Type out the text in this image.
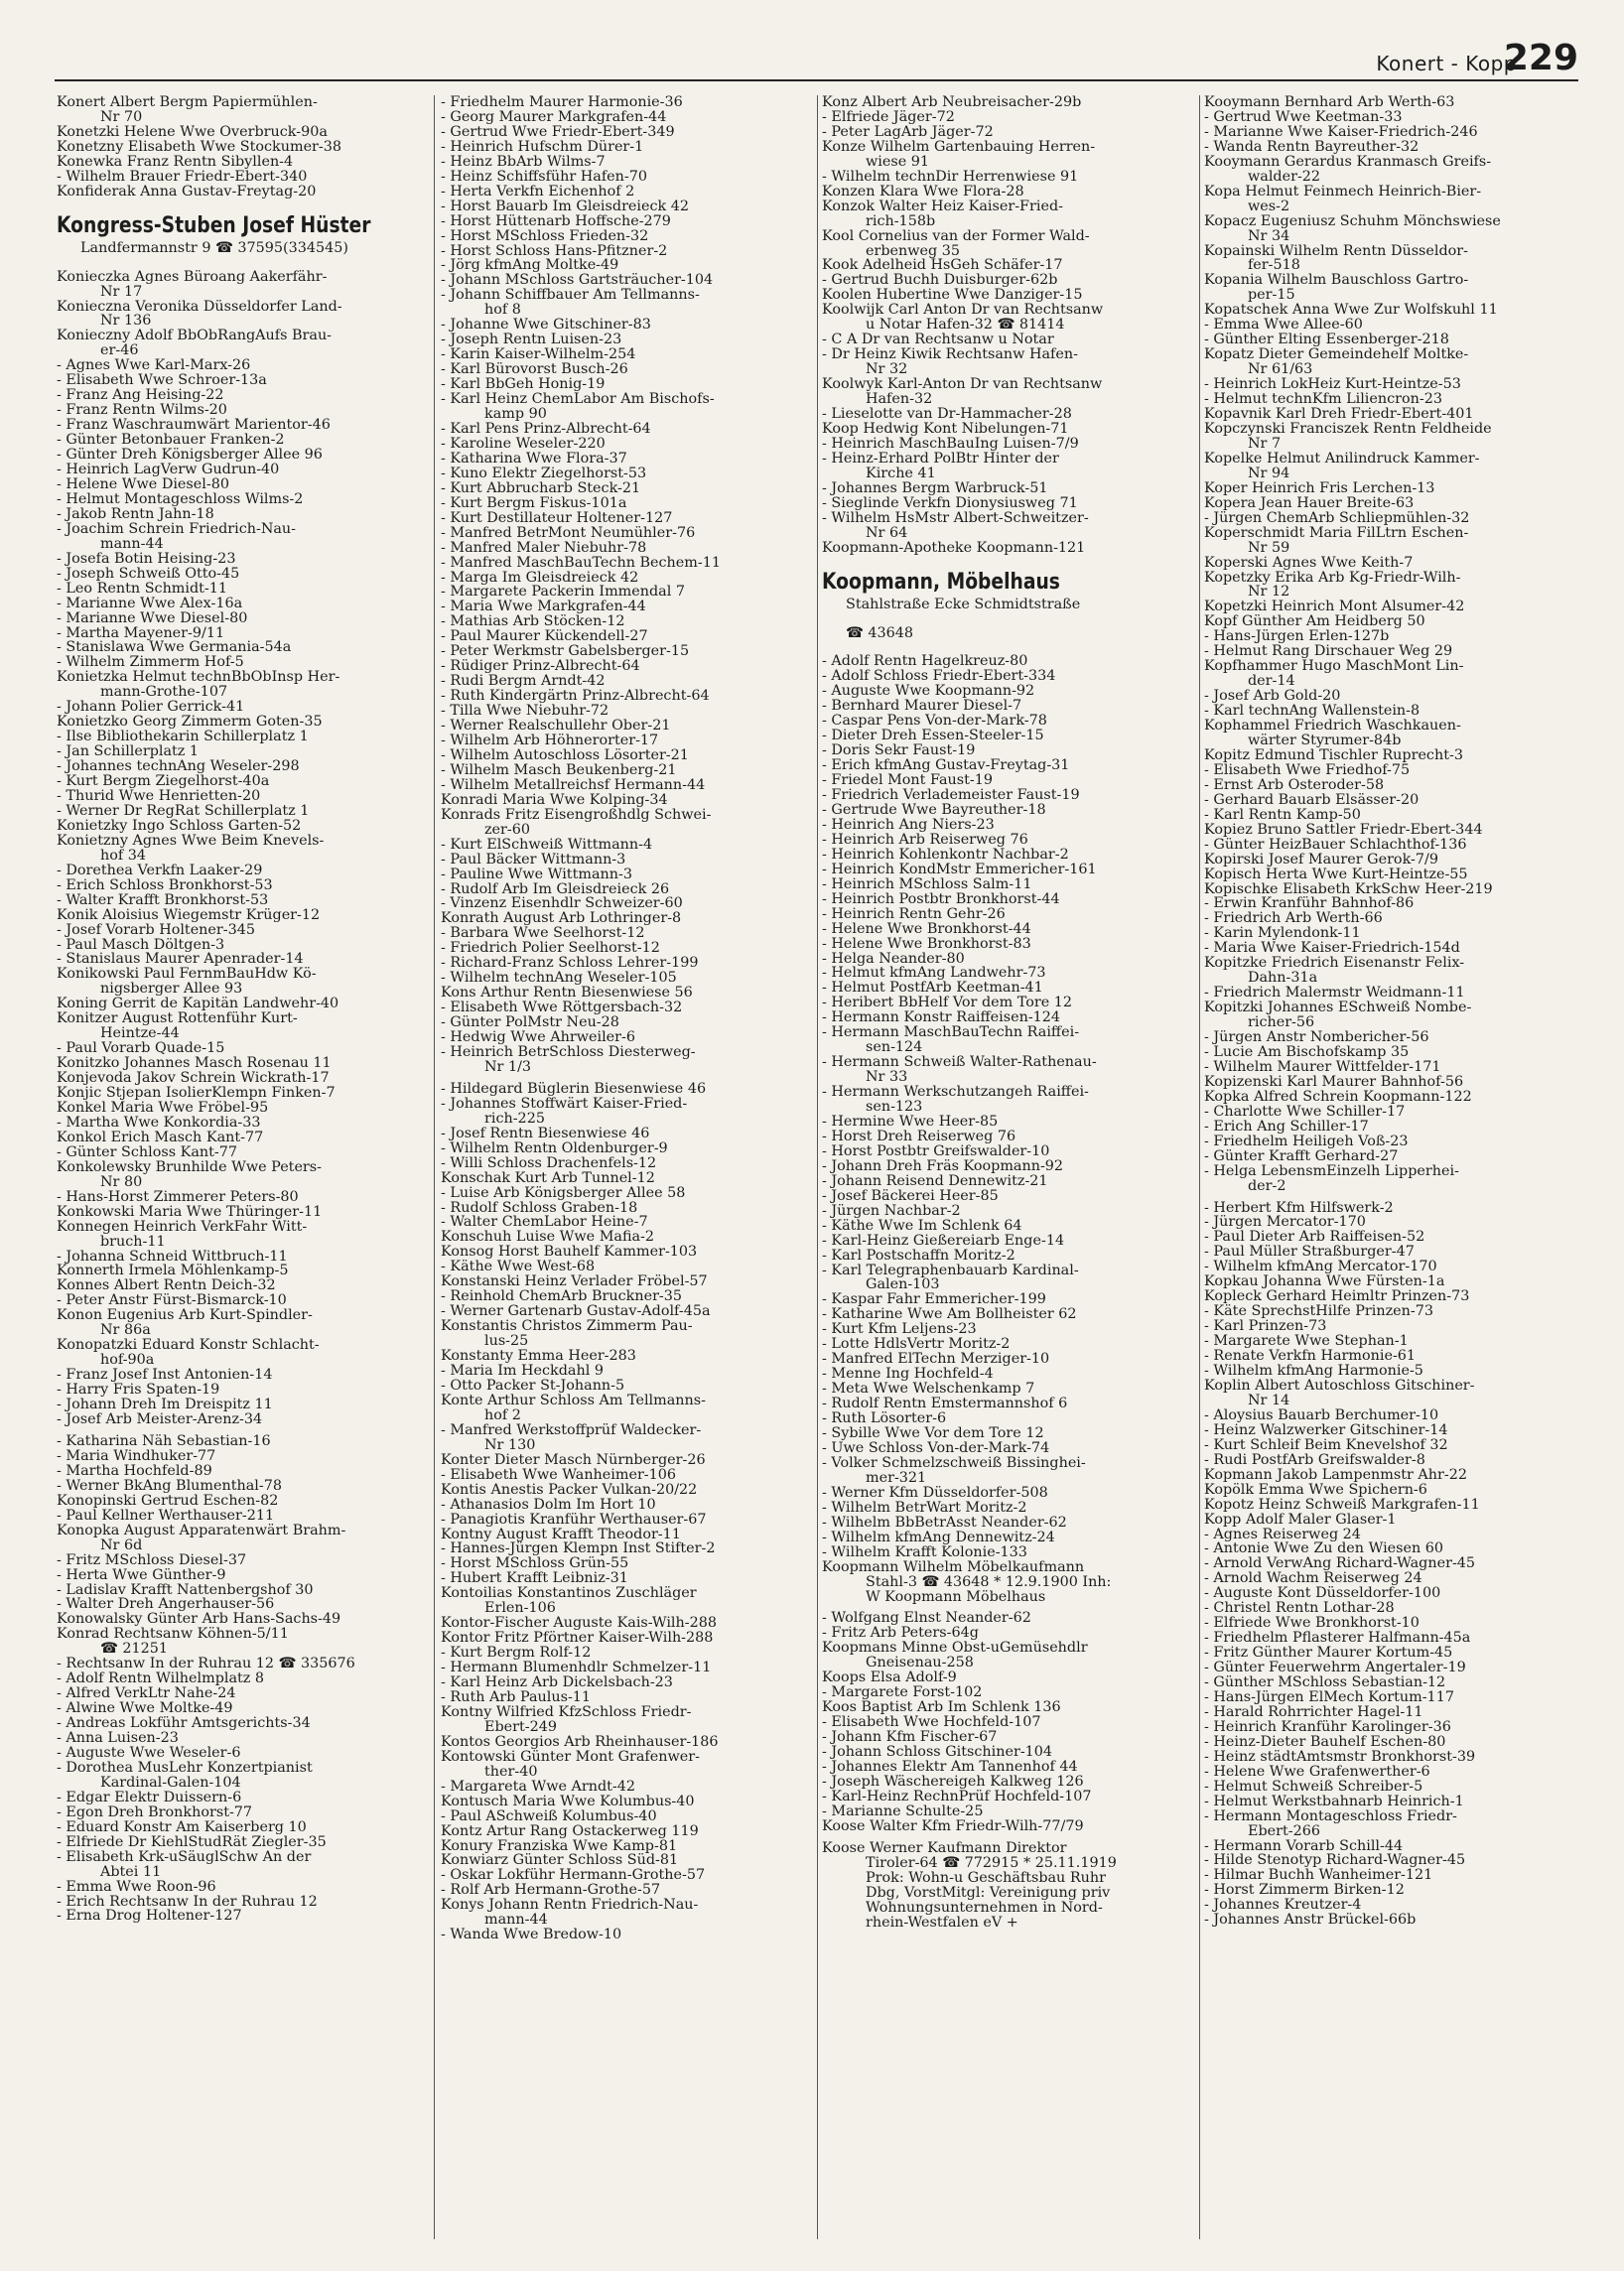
Konert - Kopp
229
Konert Albert Bergm Papiermühlen-
Nr 70
Konetzki Helene Wwe Overbruck-90a
Konetzny Elisabeth Wwe Stockumer-38
Konewka Franz Rentn Sibyllen-4
- Wilhelm Brauer Friedr-Ebert-340
Konfiderak Anna Gustav-Freytag-20
Kongress-Stuben Josef Hüster
Landfermannstr 9 ☎ 37595(334545)
Konieczka Agnes Büroang Aakerfähr-
Nr 17
Konieczna Veronika Düsseldorfer Land-
Nr 136
Konieczny Adolf BbObRangAufs Brau-
er-46
- Agnes Wwe Karl-Marx-26
- Elisabeth Wwe Schroer-13a
- Franz Ang Heising-22
- Franz Rentn Wilms-20
- Franz Waschraumwärt Marientor-46
- Günter Betonbauer Franken-2
- Günter Dreh Königsberger Allee 96
- Heinrich LagVerw Gudrun-40
- Helene Wwe Diesel-80
- Helmut Montageschloss Wilms-2
- Jakob Rentn Jahn-18
- Joachim Schrein Friedrich-Nau-
mann-44
- Josefa Botin Heising-23
- Joseph Schweiß Otto-45
- Leo Rentn Schmidt-11
- Marianne Wwe Alex-16a
- Marianne Wwe Diesel-80
- Martha Mayener-9/11
- Stanislawa Wwe Germania-54a
- Wilhelm Zimmerm Hof-5
Konietzka Helmut technBbObInsp Her-
mann-Grothe-107
- Johann Polier Gerrick-41
Konietzko Georg Zimmerm Goten-35
- Ilse Bibliothekarin Schillerplatz 1
- Jan Schillerplatz 1
- Johannes technAng Weseler-298
- Kurt Bergm Ziegelhorst-40a
- Thurid Wwe Henrietten-20
- Werner Dr RegRat Schillerplatz 1
Konietzky Ingo Schloss Garten-52
Konietzny Agnes Wwe Beim Knevels-
hof 34
- Dorethea Verkfn Laaker-29
- Erich Schloss Bronkhorst-53
- Walter Krafft Bronkhorst-53
Konik Aloisius Wiegemstr Krüger-12
- Josef Vorarb Holtener-345
- Paul Masch Döltgen-3
- Stanislaus Maurer Apenrader-14
Konikowski Paul FernmBauHdw Kö-
nigsberger Allee 93
Koning Gerrit de Kapitän Landwehr-40
Konitzer August Rottenführ Kurt-
Heintze-44
- Paul Vorarb Quade-15
Konitzko Johannes Masch Rosenau 11
Konjevoda Jakov Schrein Wickrath-17
Konjic Stjepan IsolierKlempn Finken-7
Konkel Maria Wwe Fröbel-95
- Martha Wwe Konkordia-33
Konkol Erich Masch Kant-77
- Günter Schloss Kant-77
Konkolewsky Brunhilde Wwe Peters-
Nr 80
- Hans-Horst Zimmerer Peters-80
Konkowski Maria Wwe Thüringer-11
Konnegen Heinrich VerkFahr Witt-
bruch-11
- Johanna Schneid Wittbruch-11
Konnerth Irmela Möhlenkamp-5
Konnes Albert Rentn Deich-32
- Peter Anstr Fürst-Bismarck-10
Konon Eugenius Arb Kurt-Spindler-
Nr 86a
Konopatzki Eduard Konstr Schlacht-
hof-90a
- Franz Josef Inst Antonien-14
- Harry Fris Spaten-19
- Johann Dreh Im Dreispitz 11
- Josef Arb Meister-Arenz-34
- Katharina Näh Sebastian-16
- Maria Windhuker-77
- Martha Hochfeld-89
- Werner BkAng Blumenthal-78
Konopinski Gertrud Eschen-82
- Paul Kellner Werthauser-211
Konopka August Apparatenwärt Brahm-
Nr 6d
- Fritz MSchloss Diesel-37
- Herta Wwe Günther-9
- Ladislav Krafft Nattenbergshof 30
- Walter Dreh Angerhauser-56
Konowalsky Günter Arb Hans-Sachs-49
Konrad Rechtsanw Köhnen-5/11
☎ 21251
- Rechtsanw In der Ruhrau 12 ☎ 335676
- Adolf Rentn Wilhelmplatz 8
- Alfred VerkLtr Nahe-24
- Alwine Wwe Moltke-49
- Andreas Lokführ Amtsgerichts-34
- Anna Luisen-23
- Auguste Wwe Weseler-6
- Dorothea MusLehr Konzertpianist
Kardinal-Galen-104
- Edgar Elektr Duissern-6
- Egon Dreh Bronkhorst-77
- Eduard Konstr Am Kaiserberg 10
- Elfriede Dr KiehlStudRät Ziegler-35
- Elisabeth Krk-uSäuglSchw An der
Abtei 11
- Emma Wwe Roon-96
- Erich Rechtsanw In der Ruhrau 12
- Erna Drog Holtener-127
- Friedhelm Maurer Harmonie-36
- Georg Maurer Markgrafen-44
- Gertrud Wwe Friedr-Ebert-349
- Heinrich Hufschm Dürer-1
- Heinz BbArb Wilms-7
- Heinz Schiffsführ Hafen-70
- Herta Verkfn Eichenhof 2
- Horst Bauarb Im Gleisdreieck 42
- Horst Hüttenarb Hoffsche-279
- Horst MSchloss Frieden-32
- Horst Schloss Hans-Pfitzner-2
- Jörg kfmAng Moltke-49
- Johann MSchloss Gartsträucher-104
- Johann Schiffbauer Am Tellmanns-
hof 8
- Johanne Wwe Gitschiner-83
- Joseph Rentn Luisen-23
- Karin Kaiser-Wilhelm-254
- Karl Bürovorst Busch-26
- Karl BbGeh Honig-19
- Karl Heinz ChemLabor Am Bischofs-
kamp 90
- Karl Pens Prinz-Albrecht-64
- Karoline Weseler-220
- Katharina Wwe Flora-37
- Kuno Elektr Ziegelhorst-53
- Kurt Abbrucharb Steck-21
- Kurt Bergm Fiskus-101a
- Kurt Destillateur Holtener-127
- Manfred BetrMont Neumühler-76
- Manfred Maler Niebuhr-78
- Manfred MaschBauTechn Bechem-11
- Marga Im Gleisdreieck 42
- Margarete Packerin Immendal 7
- Maria Wwe Markgrafen-44
- Mathias Arb Stöcken-12
- Paul Maurer Kückendell-27
- Peter Werkmstr Gabelsberger-15
- Rüdiger Prinz-Albrecht-64
- Rudi Bergm Arndt-42
- Ruth Kindergärtn Prinz-Albrecht-64
- Tilla Wwe Niebuhr-72
- Werner Realschullehr Ober-21
- Wilhelm Arb Höhnerorter-17
- Wilhelm Autoschloss Lösorter-21
- Wilhelm Masch Beukenberg-21
- Wilhelm Metallreichsf Hermann-44
Konradi Maria Wwe Kolping-34
Konrads Fritz Eisengroßhdlg Schwei-
zer-60
- Kurt ElSchweiß Wittmann-4
- Paul Bäcker Wittmann-3
- Pauline Wwe Wittmann-3
- Rudolf Arb Im Gleisdreieck 26
- Vinzenz Eisenhdlr Schweizer-60
Konrath August Arb Lothringer-8
- Barbara Wwe Seelhorst-12
- Friedrich Polier Seelhorst-12
- Richard-Franz Schloss Lehrer-199
- Wilhelm technAng Weseler-105
Kons Arthur Rentn Biesenwiese 56
- Elisabeth Wwe Röttgersbach-32
- Günter PolMstr Neu-28
- Hedwig Wwe Ahrweiler-6
- Heinrich BetrSchloss Diesterweg-
Nr 1/3
- Hildegard Büglerin Biesenwiese 46
- Johannes Stoffwärt Kaiser-Fried-
rich-225
- Josef Rentn Biesenwiese 46
- Wilhelm Rentn Oldenburger-9
- Willi Schloss Drachenfels-12
Konschak Kurt Arb Tunnel-12
- Luise Arb Königsberger Allee 58
- Rudolf Schloss Graben-18
- Walter ChemLabor Heine-7
Konschuh Luise Wwe Mafia-2
Konsog Horst Bauhelf Kammer-103
- Käthe Wwe West-68
Konstanski Heinz Verlader Fröbel-57
- Reinhold ChemArb Bruckner-35
- Werner Gartenarb Gustav-Adolf-45a
Konstantis Christos Zimmerm Pau-
lus-25
Konstanty Emma Heer-283
- Maria Im Heckdahl 9
- Otto Packer St-Johann-5
Konte Arthur Schloss Am Tellmanns-
hof 2
- Manfred Werkstoffprüf Waldecker-
Nr 130
Konter Dieter Masch Nürnberger-26
- Elisabeth Wwe Wanheimer-106
Kontis Anestis Packer Vulkan-20/22
- Athanasios Dolm Im Hort 10
- Panagiotis Kranführ Werthauser-67
Kontny August Krafft Theodor-11
- Hannes-Jürgen Klempn Inst Stifter-2
- Horst MSchloss Grün-55
- Hubert Krafft Leibniz-31
Kontoilias Konstantinos Zuschläger
Erlen-106
Kontor-Fischer Auguste Kais-Wilh-288
Kontor Fritz Pförtner Kaiser-Wilh-288
- Kurt Bergm Rolf-12
- Hermann Blumenhdlr Schmelzer-11
- Karl Heinz Arb Dickelsbach-23
- Ruth Arb Paulus-11
Kontny Wilfried KfzSchloss Friedr-
Ebert-249
Kontos Georgios Arb Rheinhauser-186
Kontowski Günter Mont Grafenwer-
ther-40
- Margareta Wwe Arndt-42
Kontusch Maria Wwe Kolumbus-40
- Paul ASchweiß Kolumbus-40
Kontz Artur Rang Ostackerweg 119
Konury Franziska Wwe Kamp-81
Konwiarz Günter Schloss Süd-81
- Oskar Lokführ Hermann-Grothe-57
- Rolf Arb Hermann-Grothe-57
Konys Johann Rentn Friedrich-Nau-
mann-44
- Wanda Wwe Bredow-10
Konz Albert Arb Neubreisacher-29b
- Elfriede Jäger-72
- Peter LagArb Jäger-72
Konze Wilhelm Gartenbauing Herren-
wiese 91
- Wilhelm technDir Herrenwiese 91
Konzen Klara Wwe Flora-28
Konzok Walter Heiz Kaiser-Fried-
rich-158b
Kool Cornelius van der Former Wald-
erbenweg 35
Kook Adelheid HsGeh Schäfer-17
- Gertrud Buchh Duisburger-62b
Koolen Hubertine Wwe Danziger-15
Koolwijk Carl Anton Dr van Rechtsanw
u Notar Hafen-32 ☎ 81414
- C A Dr van Rechtsanw u Notar
- Dr Heinz Kiwik Rechtsanw Hafen-
Nr 32
Koolwyk Karl-Anton Dr van Rechtsanw
Hafen-32
- Lieselotte van Dr-Hammacher-28
Koop Hedwig Kont Nibelungen-71
- Heinrich MaschBauIng Luisen-7/9
- Heinz-Erhard PolBtr Hinter der
Kirche 41
- Johannes Bergm Warbruck-51
- Sieglinde Verkfn Dionysiusweg 71
- Wilhelm HsMstr Albert-Schweitzer-
Nr 64
Koopmann-Apotheke Koopmann-121
Koopmann, Möbelhaus
Stahlstraße Ecke Schmidtstraße
☎ 43648
- Adolf Rentn Hagelkreuz-80
- Adolf Schloss Friedr-Ebert-334
- Auguste Wwe Koopmann-92
- Bernhard Maurer Diesel-7
- Caspar Pens Von-der-Mark-78
- Dieter Dreh Essen-Steeler-15
- Doris Sekr Faust-19
- Erich kfmAng Gustav-Freytag-31
- Friedel Mont Faust-19
- Friedrich Verlademeister Faust-19
- Gertrude Wwe Bayreuther-18
- Heinrich Ang Niers-23
- Heinrich Arb Reiserweg 76
- Heinrich Kohlenkontr Nachbar-2
- Heinrich KondMstr Emmericher-161
- Heinrich MSchloss Salm-11
- Heinrich Postbtr Bronkhorst-44
- Heinrich Rentn Gehr-26
- Helene Wwe Bronkhorst-44
- Helene Wwe Bronkhorst-83
- Helga Neander-80
- Helmut kfmAng Landwehr-73
- Helmut PostfArb Keetman-41
- Heribert BbHelf Vor dem Tore 12
- Hermann Konstr Raiffeisen-124
- Hermann MaschBauTechn Raiffei-
sen-124
- Hermann Schweiß Walter-Rathenau-
Nr 33
- Hermann Werkschutzangeh Raiffei-
sen-123
- Hermine Wwe Heer-85
- Horst Dreh Reiserweg 76
- Horst Postbtr Greifswalder-10
- Johann Dreh Fräs Koopmann-92
- Johann Reisend Dennewitz-21
- Josef Bäckerei Heer-85
- Jürgen Nachbar-2
- Käthe Wwe Im Schlenk 64
- Karl-Heinz Gießereiarb Enge-14
- Karl Postschaffn Moritz-2
- Karl Telegraphenbauarb Kardinal-
Galen-103
- Kaspar Fahr Emmericher-199
- Katharine Wwe Am Bollheister 62
- Kurt Kfm Leljens-23
- Lotte HdlsVertr Moritz-2
- Manfred ElTechn Merziger-10
- Menne Ing Hochfeld-4
- Meta Wwe Welschenkamp 7
- Rudolf Rentn Emstermannshof 6
- Ruth Lösorter-6
- Sybille Wwe Vor dem Tore 12
- Uwe Schloss Von-der-Mark-74
- Volker Schmelzschweiß Bissinghei-
mer-321
- Werner Kfm Düsseldorfer-508
- Wilhelm BetrWart Moritz-2
- Wilhelm BbBetrAsst Neander-62
- Wilhelm kfmAng Dennewitz-24
- Wilhelm Krafft Kolonie-133
Koopmann Wilhelm Möbelkaufmann
Stahl-3 ☎ 43648 * 12.9.1900 Inh:
W Koopmann Möbelhaus
- Wolfgang Elnst Neander-62
- Fritz Arb Peters-64g
Koopmans Minne Obst-uGemüsehdlr
Gneisenau-258
Koops Elsa Adolf-9
- Margarete Forst-102
Koos Baptist Arb Im Schlenk 136
- Elisabeth Wwe Hochfeld-107
- Johann Kfm Fischer-67
- Johann Schloss Gitschiner-104
- Johannes Elektr Am Tannenhof 44
- Joseph Wäschereigeh Kalkweg 126
- Karl-Heinz RechnPrüf Hochfeld-107
- Marianne Schulte-25
Koose Walter Kfm Friedr-Wilh-77/79
Koose Werner Kaufmann Direktor
Tiroler-64 ☎ 772915 * 25.11.1919
Prok: Wohn-u Geschäftsbau Ruhr
Dbg, VorstMitgl: Vereinigung priv
Wohnungsunternehmen in Nord-
rhein-Westfalen eV +
Kooymann Bernhard Arb Werth-63
- Gertrud Wwe Keetman-33
- Marianne Wwe Kaiser-Friedrich-246
- Wanda Rentn Bayreuther-32
Kooymann Gerardus Kranmasch Greifs-
walder-22
Kopa Helmut Feinmech Heinrich-Bier-
wes-2
Kopacz Eugeniusz Schuhm Mönchswiese
Nr 34
Kopainski Wilhelm Rentn Düsseldor-
fer-518
Kopania Wilhelm Bauschloss Gartro-
per-15
Kopatschek Anna Wwe Zur Wolfskuhl 11
- Emma Wwe Allee-60
- Günther Elting Essenberger-218
Kopatz Dieter Gemeindehelf Moltke-
Nr 61/63
- Heinrich LokHeiz Kurt-Heintze-53
- Helmut technKfm Liliencron-23
Kopavnik Karl Dreh Friedr-Ebert-401
Kopczynski Franciszek Rentn Feldheide
Nr 7
Kopelke Helmut Anilindruck Kammer-
Nr 94
Koper Heinrich Fris Lerchen-13
Kopera Jean Hauer Breite-63
- Jürgen ChemArb Schliepmühlen-32
Koperschmidt Maria FilLtrn Eschen-
Nr 59
Koperski Agnes Wwe Keith-7
Kopetzky Erika Arb Kg-Friedr-Wilh-
Nr 12
Kopetzki Heinrich Mont Alsumer-42
Kopf Günther Am Heidberg 50
- Hans-Jürgen Erlen-127b
- Helmut Rang Dirschauer Weg 29
Kopfhammer Hugo MaschMont Lin-
der-14
- Josef Arb Gold-20
- Karl technAng Wallenstein-8
Kophammel Friedrich Waschkauen-
wärter Styrumer-84b
Kopitz Edmund Tischler Ruprecht-3
- Elisabeth Wwe Friedhof-75
- Ernst Arb Osteroder-58
- Gerhard Bauarb Elsässer-20
- Karl Rentn Kamp-50
Kopiez Bruno Sattler Friedr-Ebert-344
- Günter HeizBauer Schlachthof-136
Kopirski Josef Maurer Gerok-7/9
Kopisch Herta Wwe Kurt-Heintze-55
Kopischke Elisabeth KrkSchw Heer-219
- Erwin Kranführ Bahnhof-86
- Friedrich Arb Werth-66
- Karin Mylendonk-11
- Maria Wwe Kaiser-Friedrich-154d
Kopitzke Friedrich Eisenanstr Felix-
Dahn-31a
- Friedrich Malermstr Weidmann-11
Kopitzki Johannes ESchweiß Nombe-
richer-56
- Jürgen Anstr Nombericher-56
- Lucie Am Bischofskamp 35
- Wilhelm Maurer Wittfelder-171
Kopizenski Karl Maurer Bahnhof-56
Kopka Alfred Schrein Koopmann-122
- Charlotte Wwe Schiller-17
- Erich Ang Schiller-17
- Friedhelm Heiligeh Voß-23
- Günter Krafft Gerhard-27
- Helga LebensmEinzelh Lipperhei-
der-2
- Herbert Kfm Hilfswerk-2
- Jürgen Mercator-170
- Paul Dieter Arb Raiffeisen-52
- Paul Müller Straßburger-47
- Wilhelm kfmAng Mercator-170
Kopkau Johanna Wwe Fürsten-1a
Kopleck Gerhard Heimltr Prinzen-73
- Käte SprechstHilfe Prinzen-73
- Karl Prinzen-73
- Margarete Wwe Stephan-1
- Renate Verkfn Harmonie-61
- Wilhelm kfmAng Harmonie-5
Koplin Albert Autoschloss Gitschiner-
Nr 14
- Aloysius Bauarb Berchumer-10
- Heinz Walzwerker Gitschiner-14
- Kurt Schleif Beim Knevelshof 32
- Rudi PostfArb Greifswalder-8
Kopmann Jakob Lampenmstr Ahr-22
Kopölk Emma Wwe Spichern-6
Kopotz Heinz Schweiß Markgrafen-11
Kopp Adolf Maler Glaser-1
- Agnes Reiserweg 24
- Antonie Wwe Zu den Wiesen 60
- Arnold VerwAng Richard-Wagner-45
- Arnold Wachm Reiserweg 24
- Auguste Kont Düsseldorfer-100
- Christel Rentn Lothar-28
- Elfriede Wwe Bronkhorst-10
- Friedhelm Pflasterer Halfmann-45a
- Fritz Günther Maurer Kortum-45
- Günter Feuerwehrm Angertaler-19
- Günther MSchloss Sebastian-12
- Hans-Jürgen ElMech Kortum-117
- Harald Rohrrichter Hagel-11
- Heinrich Kranführ Karolinger-36
- Heinz-Dieter Bauhelf Eschen-80
- Heinz städtAmtsmstr Bronkhorst-39
- Helene Wwe Grafenwerther-6
- Helmut Schweiß Schreiber-5
- Helmut Werkstbahnarb Heinrich-1
- Hermann Montageschloss Friedr-
Ebert-266
- Hermann Vorarb Schill-44
- Hilde Stenotyp Richard-Wagner-45
- Hilmar Buchh Wanheimer-121
- Horst Zimmerm Birken-12
- Johannes Kreutzer-4
- Johannes Anstr Brückel-66b
